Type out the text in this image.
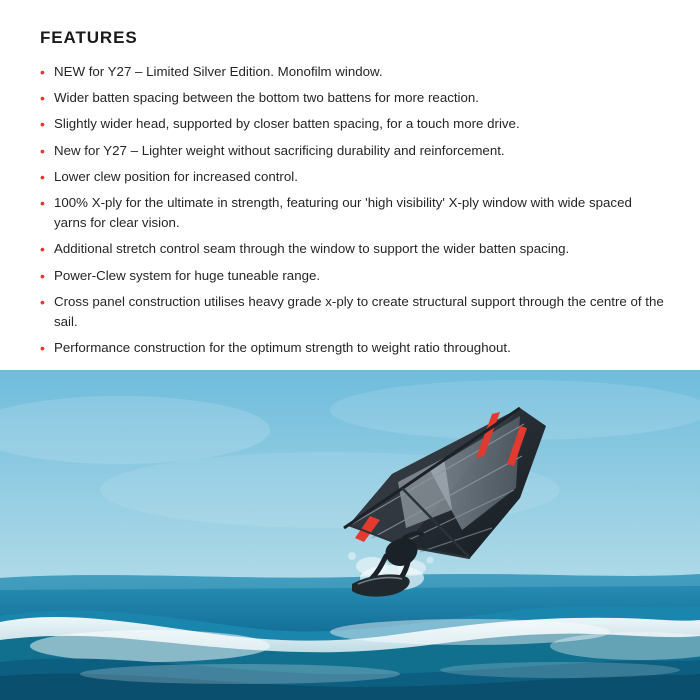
FEATURES
• NEW for Y27 – Limited Silver Edition. Monofilm window.
• Wider batten spacing between the bottom two battens for more reaction.
• Slightly wider head, supported by closer batten spacing, for a touch more drive.
• New for Y27 – Lighter weight without sacrificing durability and reinforcement.
• Lower clew position for increased control.
• 100% X-ply for the ultimate in strength, featuring our 'high visibility' X-ply window with wide spaced yarns for clear vision.
• Additional stretch control seam through the window to support the wider batten spacing.
• Power-Clew system for huge tuneable range.
• Cross panel construction utilises heavy grade x-ply to create structural support through the centre of the sail.
• Performance construction for the optimum strength to weight ratio throughout.
